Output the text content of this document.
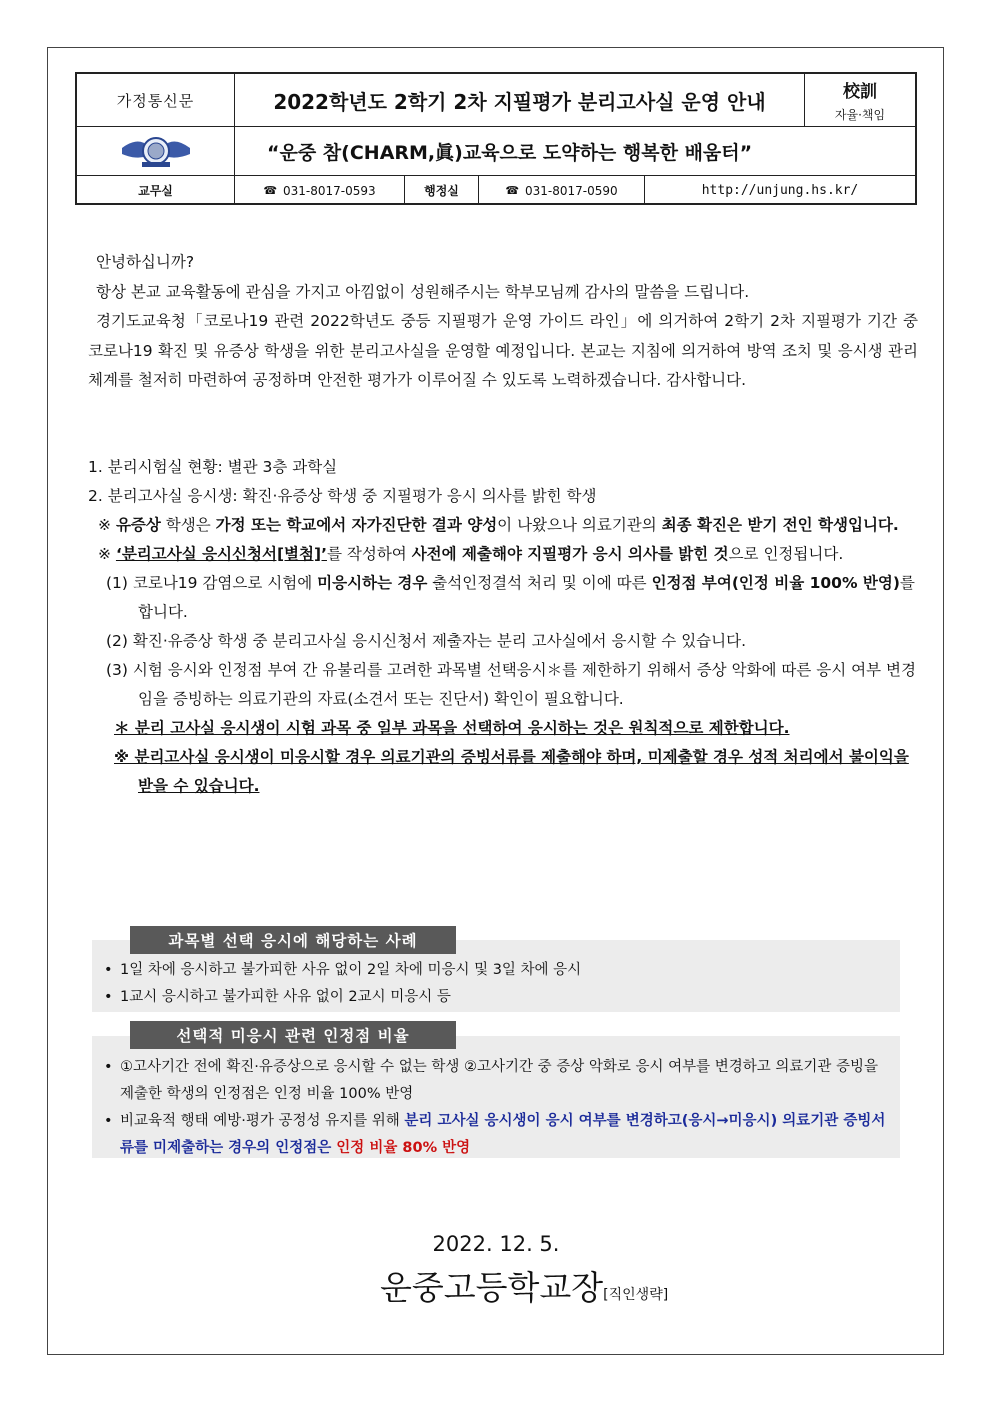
가정통신문	2022학년도 2학기 2차 지필평가 분리고사실 운영 안내	校訓
자율·책임
“운중 참(CHARM,眞)교육으로 도약하는 행복한 배움터”
교무실	☎ 031-8017-0593	행정실	☎ 031-8017-0590	http://unjung.hs.kr/

안녕하십니까?

항상 본교 교육활동에 관심을 가지고 아낌없이 성원해주시는 학부모님께 감사의 말씀을 드립니다.

경기도교육청「코로나19 관련 2022학년도 중등 지필평가 운영 가이드 라인」에 의거하여 2학기 2차 지필평가 기간 중 코로나19 확진 및 유증상 학생을 위한 분리고사실을 운영할 예정입니다. 본교는 지침에 의거하여 방역 조치 및 응시생 관리 체계를 철저히 마련하여 공정하며 안전한 평가가 이루어질 수 있도록 노력하겠습니다. 감사합니다.

1. 분리시험실 현황: 별관 3층 과학실
2. 분리고사실 응시생: 확진·유증상 학생 중 지필평가 응시 의사를 밝힌 학생
※ 유증상 학생은 가정 또는 학교에서 자가진단한 결과 양성이 나왔으나 의료기관의 최종 확진은 받기 전인 학생입니다.
※ ‘분리고사실 응시신청서[별첨]’를 작성하여 사전에 제출해야 지필평가 응시 의사를 밝힌 것으로 인정됩니다.
(1) 코로나19 감염으로 시험에 미응시하는 경우 출석인정결석 처리 및 이에 따른 인정점 부여(인정 비율 100% 반영)를 합니다.
(2) 확진·유증상 학생 중 분리고사실 응시신청서 제출자는 분리 고사실에서 응시할 수 있습니다.
(3) 시험 응시와 인정점 부여 간 유불리를 고려한 과목별 선택응시＊를 제한하기 위해서 증상 악화에 따른 응시 여부 변경임을 증빙하는 의료기관의 자료(소견서 또는 진단서) 확인이 필요합니다.
＊ 분리 고사실 응시생이 시험 과목 중 일부 과목을 선택하여 응시하는 것은 원칙적으로 제한합니다.
※ 분리고사실 응시생이 미응시할 경우 의료기관의 증빙서류를 제출해야 하며, 미제출할 경우 성적 처리에서 불이익을 받을 수 있습니다.
• 1일 차에 응시하고 불가피한 사유 없이 2일 차에 미응시 및 3일 차에 응시
• 1교시 응시하고 불가피한 사유 없이 2교시 미응시 등
과목별 선택 응시에 해당하는 사례
• ①고사기간 전에 확진·유증상으로 응시할 수 없는 학생 ②고사기간 중 증상 악화로 응시 여부를 변경하고 의료기관 증빙을 제출한 학생의 인정점은 인정 비율 100% 반영
• 비교육적 행태 예방·평가 공정성 유지를 위해 분리 고사실 응시생이 응시 여부를 변경하고(응시→미응시) 의료기관 증빙서류를 미제출하는 경우의 인정점은 인정 비율 80% 반영
선택적 미응시 관련 인정점 비율
2022. 12. 5.
운중고등학교장[직인생략]
